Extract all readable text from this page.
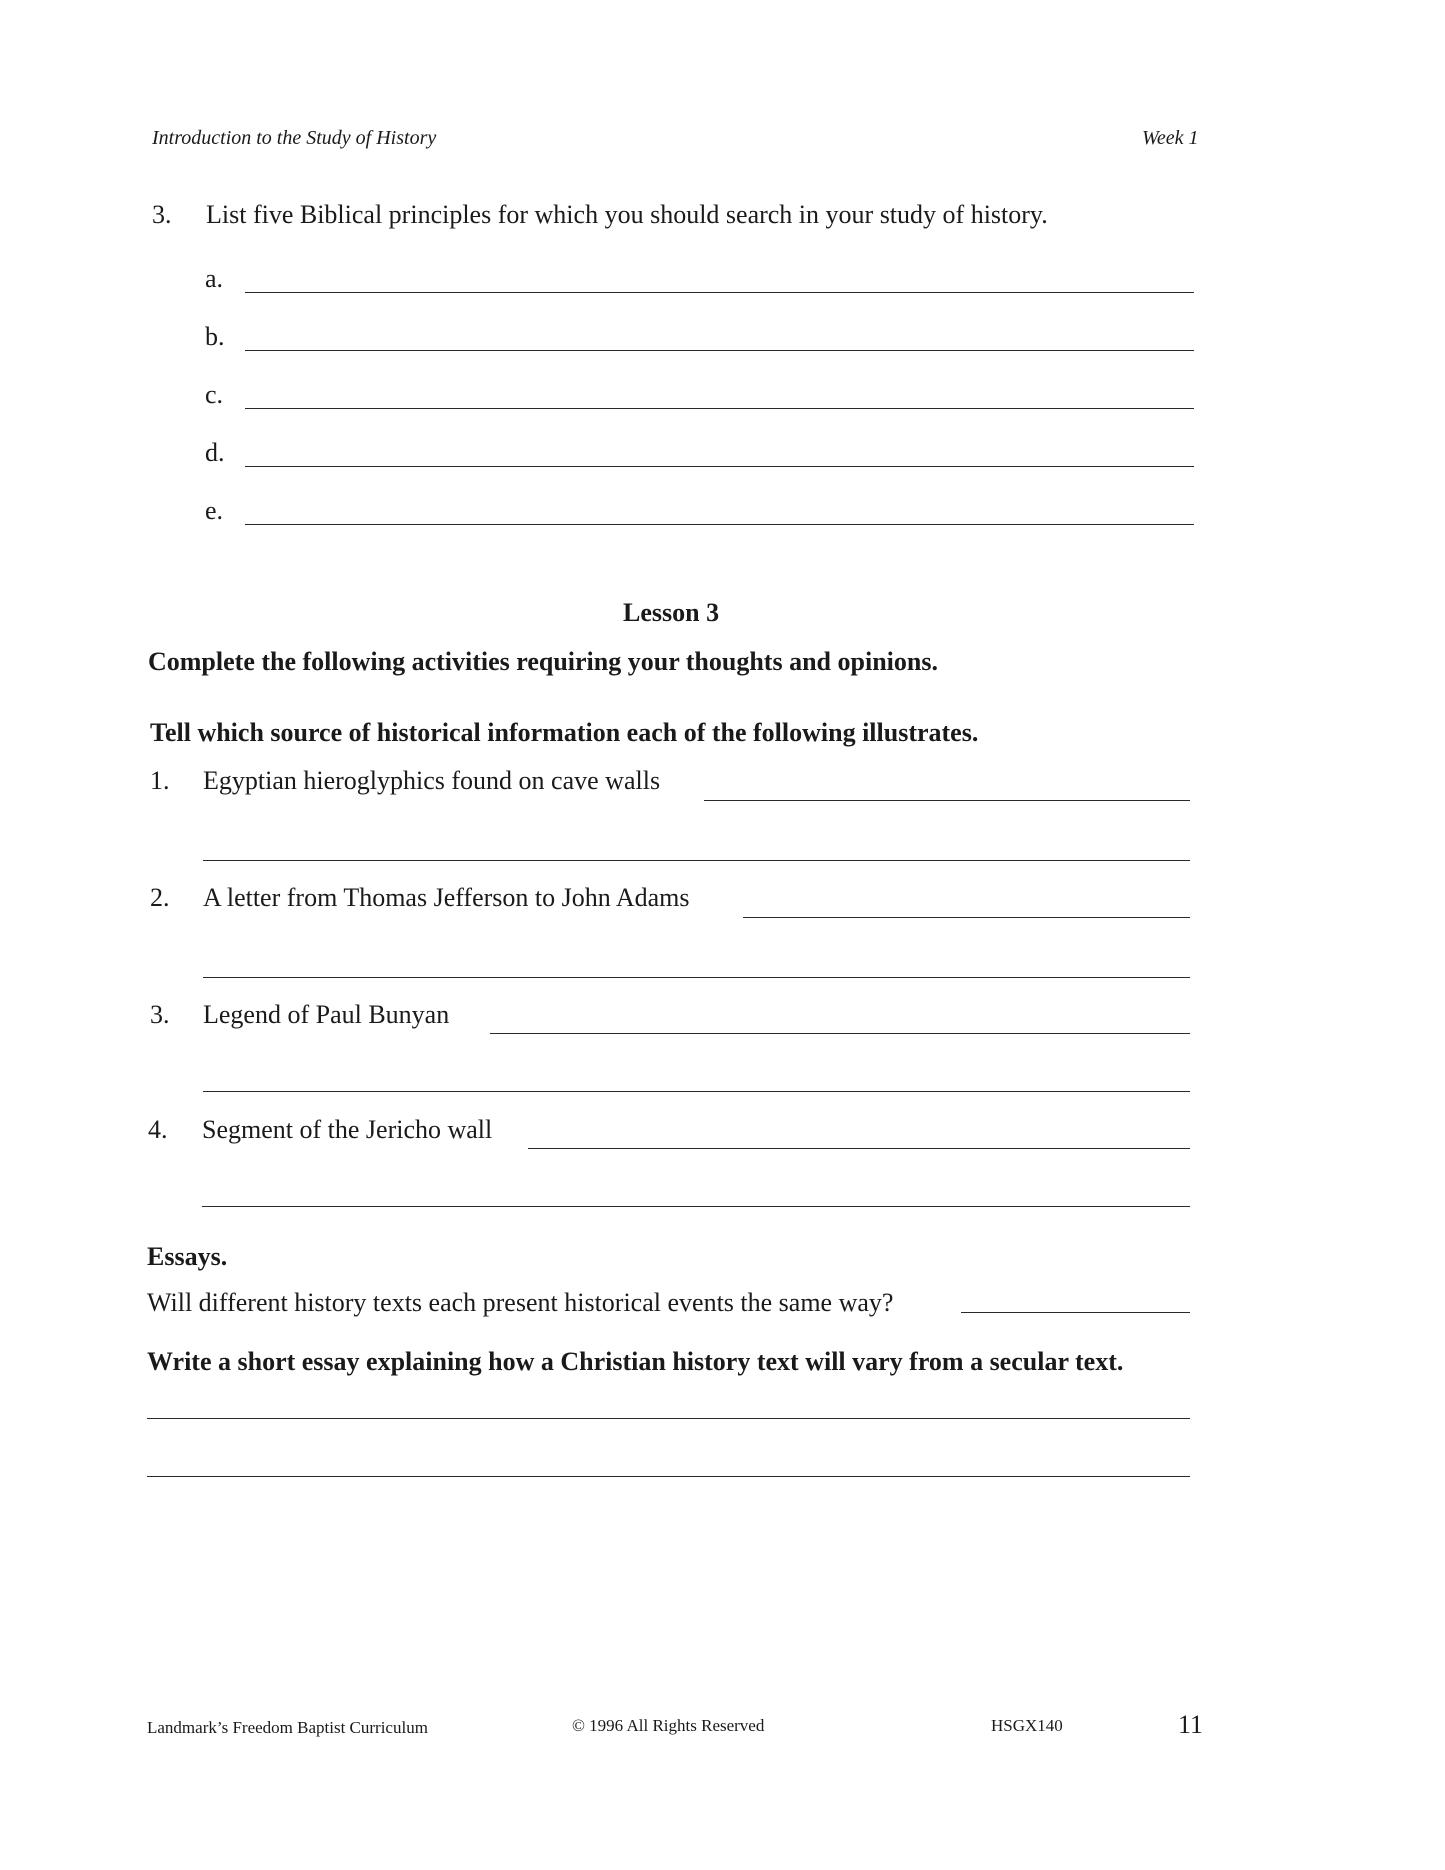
Introduction to the Study of History	Week 1
3. List five Biblical principles for which you should search in your study of history.
a.
b.
c.
d.
e.
Lesson 3
Complete the following activities requiring your thoughts and opinions.
Tell which source of historical information each of the following illustrates.
1. Egyptian hieroglyphics found on cave walls
2. A letter from Thomas Jefferson to John Adams
3. Legend of Paul Bunyan
4. Segment of the Jericho wall
Essays.
Will different history texts each present historical events the same way?
Write a short essay explaining how a Christian history text will vary from a secular text.
Landmark’s Freedom Baptist Curriculum	© 1996 All Rights Reserved	HSGX140	11
